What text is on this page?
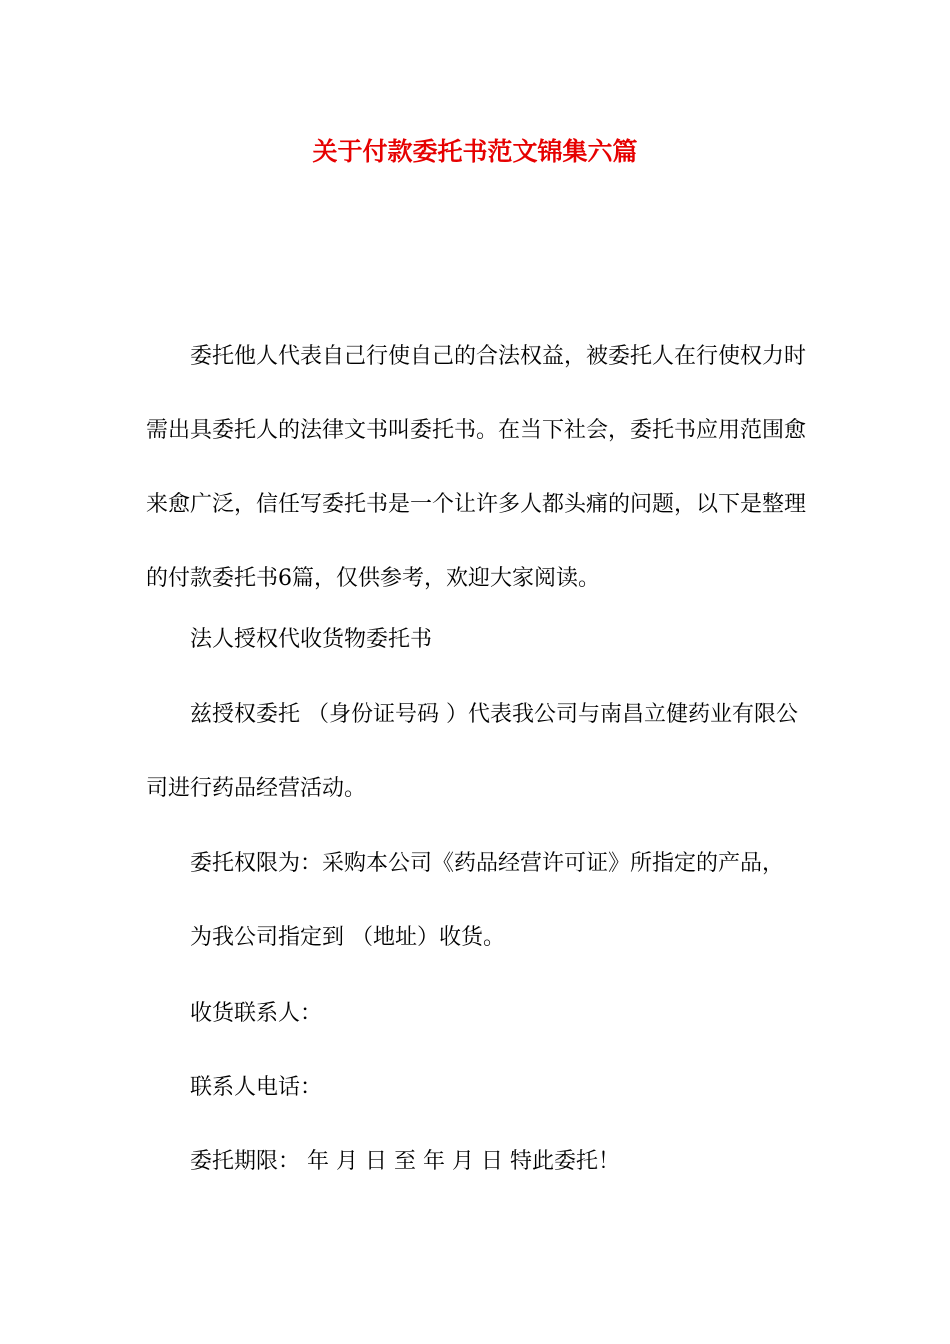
关于付款委托书范文锦集六篇
委托他人代表自己行使自己的合法权益，被委托人在行使权力时需出具委托人的法律文书叫委托书。在当下社会，委托书应用范围愈来愈广泛，信任写委托书是一个让许多人都头痛的问题，以下是整理的付款委托书6篇，仅供参考，欢迎大家阅读。
法人授权代收货物委托书
兹授权委托 （身份证号码 ）代表我公司与南昌立健药业有限公司进行药品经营活动。
委托权限为：采购本公司《药品经营许可证》所指定的产品，
为我公司指定到 （地址）收货。
收货联系人：
联系人电话：
委托期限： 年 月 日 至 年 月 日 特此委托！
